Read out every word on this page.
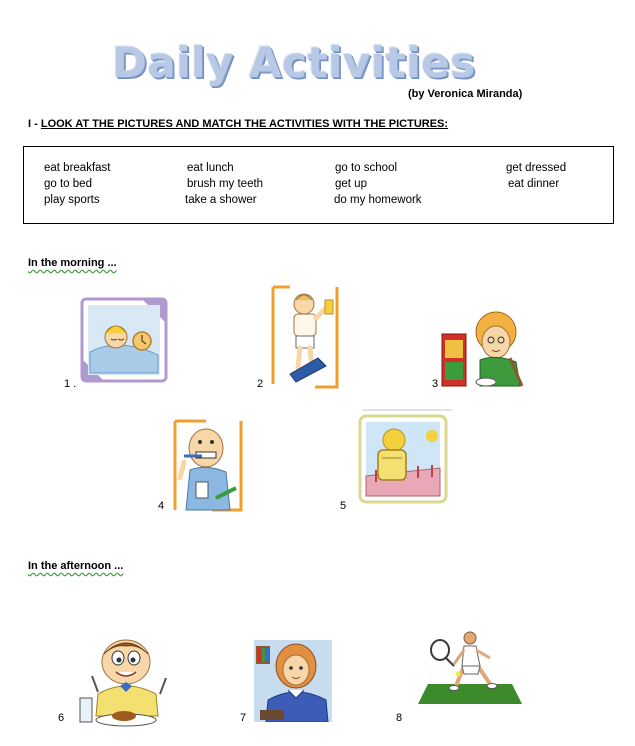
Daily Activities
(by Veronica Miranda)
I - LOOK AT THE PICTURES AND MATCH THE ACTIVITIES WITH THE PICTURES:
eat breakfast	eat lunch	go to school	get dressed
go to bed	brush my teeth	get up	eat dinner
play sports	take a shower	do my homework
In the morning ...
1 .	2	3
4	5
In the afternoon ...
6	7	8
